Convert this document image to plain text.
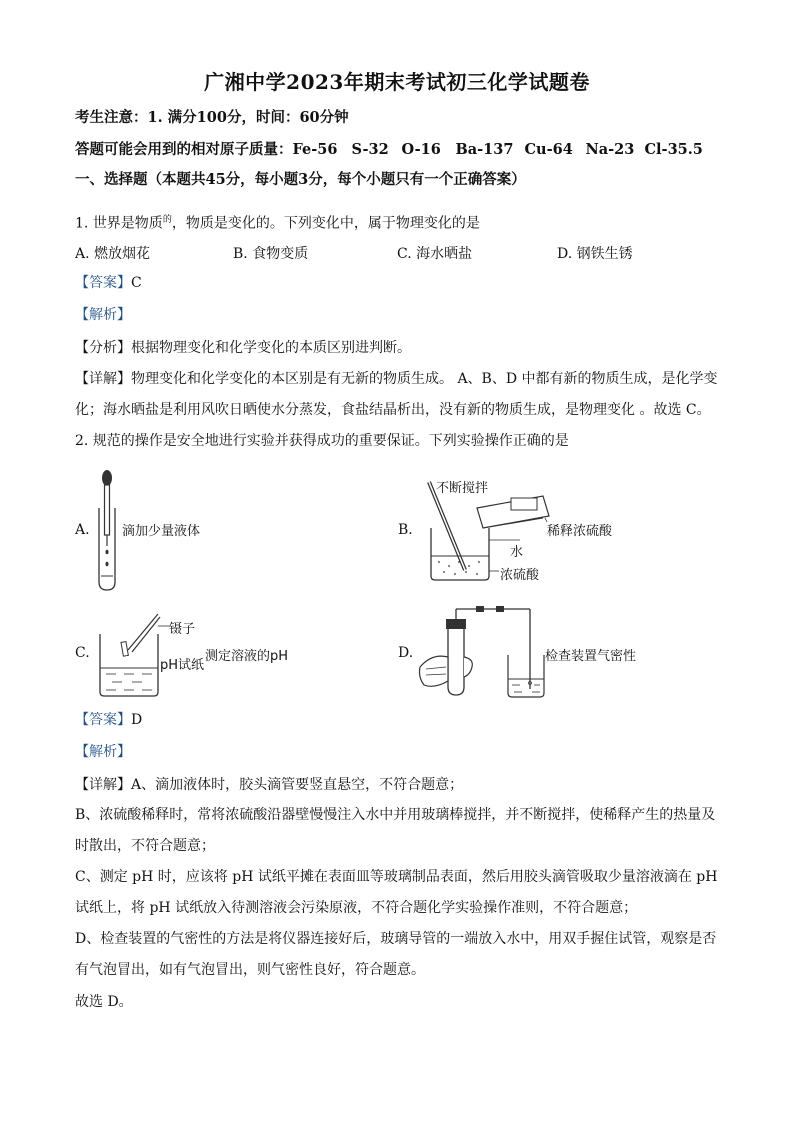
广湘中学2023年期末考试初三化学试题卷
考生注意：1. 满分100分，时间：60分钟
答题可能会用到的相对原子质量：Fe-56 S-32 O-16 Ba-137 Cu-64 Na-23 Cl-35.5
一、选择题（本题共45分，每小题3分，每个小题只有一个正确答案）
1. 世界是物质$^的$，物质是变化的。下列变化中，属于物理变化的是
A. 燃放烟花	B. 食物变质	C. 海水晒盐	D. 钢铁生锈
【答案】C
【解析】
【分析】根据物理变化和化学变化的本质区别进判断。
【详解】物理变化和化学变化的本区别是有无新的物质生成。 A、B、D 中都有新的物质生成，是化学变化；海水晒盐是利用风吹日晒使水分蒸发，食盐结晶析出，没有新的物质生成，是物理变化 。故选 C。
2. 规范的操作是安全地进行实验并获得成功的重要保证。下列实验操作正确的是
A. 滴加少量液体	B.
不断搅拌
稀释浓硫酸
水
浓硫酸
C.
镊子
pH试纸
测定溶液的pH	D.	检查装置气密性
【答案】D
【解析】
【详解】A、滴加液体时，胶头滴管要竖直悬空，不符合题意；
B、浓硫酸稀释时，常将浓硫酸沿器壁慢慢注入水中并用玻璃棒搅拌，并不断搅拌，使稀释产生的热量及时散出，不符合题意；
C、测定 pH 时，应该将 pH 试纸平摊在表面皿等玻璃制品表面，然后用胶头滴管吸取少量溶液滴在 pH 试纸上，将 pH 试纸放入待测溶液会污染原液，不符合题化学实验操作准则，不符合题意；
D、检查装置的气密性的方法是将仪器连接好后，玻璃导管的一端放入水中，用双手握住试管，观察是否有气泡冒出，如有气泡冒出，则气密性良好，符合题意。
故选 D。
